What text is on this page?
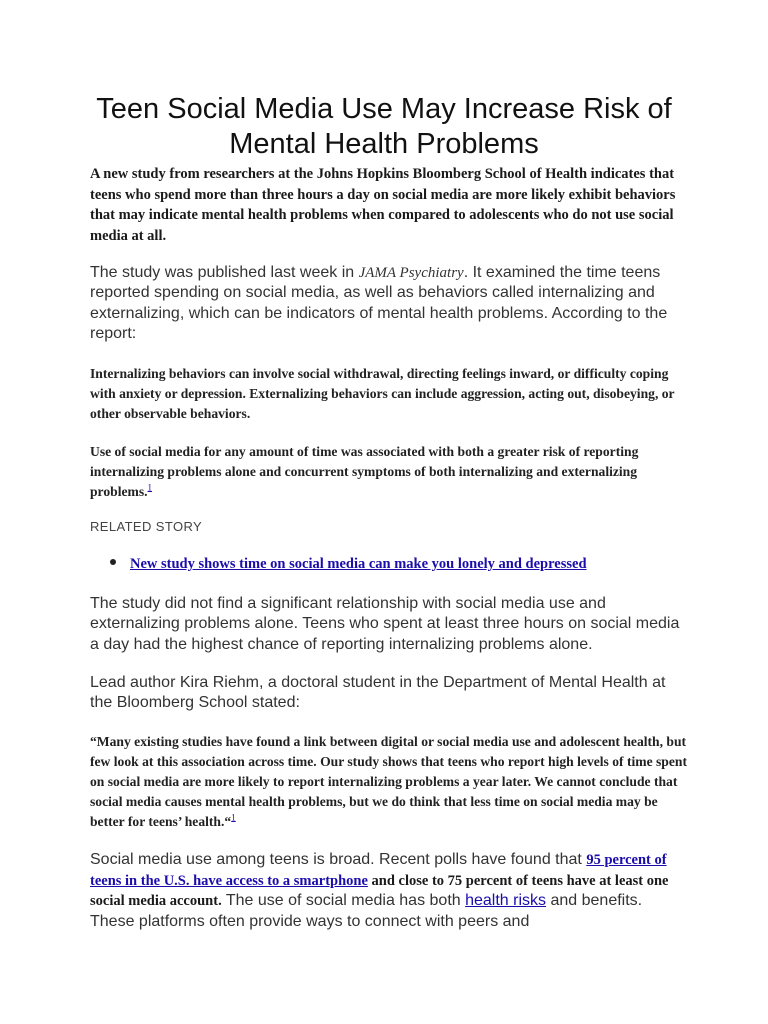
Teen Social Media Use May Increase Risk of Mental Health Problems

A new study from researchers at the Johns Hopkins Bloomberg School of Health indicates that teens who spend more than three hours a day on social media are more likely exhibit behaviors that may indicate mental health problems when compared to adolescents who do not use social media at all.

The study was published last week in JAMA Psychiatry. It examined the time teens reported spending on social media, as well as behaviors called internalizing and externalizing, which can be indicators of mental health problems. According to the report:

Internalizing behaviors can involve social withdrawal, directing feelings inward, or difficulty coping with anxiety or depression. Externalizing behaviors can include aggression, acting out, disobeying, or other observable behaviors.

Use of social media for any amount of time was associated with both a greater risk of reporting internalizing problems alone and concurrent symptoms of both internalizing and externalizing problems.$^1$

RELATED STORY

New study shows time on social media can make you lonely and depressed

The study did not find a significant relationship with social media use and externalizing problems alone. Teens who spent at least three hours on social media a day had the highest chance of reporting internalizing problems alone.

Lead author Kira Riehm, a doctoral student in the Department of Mental Health at the Bloomberg School stated:

“Many existing studies have found a link between digital or social media use and adolescent health, but few look at this association across time. Our study shows that teens who report high levels of time spent on social media are more likely to report internalizing problems a year later. We cannot conclude that social media causes mental health problems, but we do think that less time on social media may be better for teens’ health.“$^1$

Social media use among teens is broad. Recent polls have found that 95 percent of teens in the U.S. have access to a smartphone and close to 75 percent of teens have at least one social media account. The use of social media has both health risks and benefits. These platforms often provide ways to connect with peers and
